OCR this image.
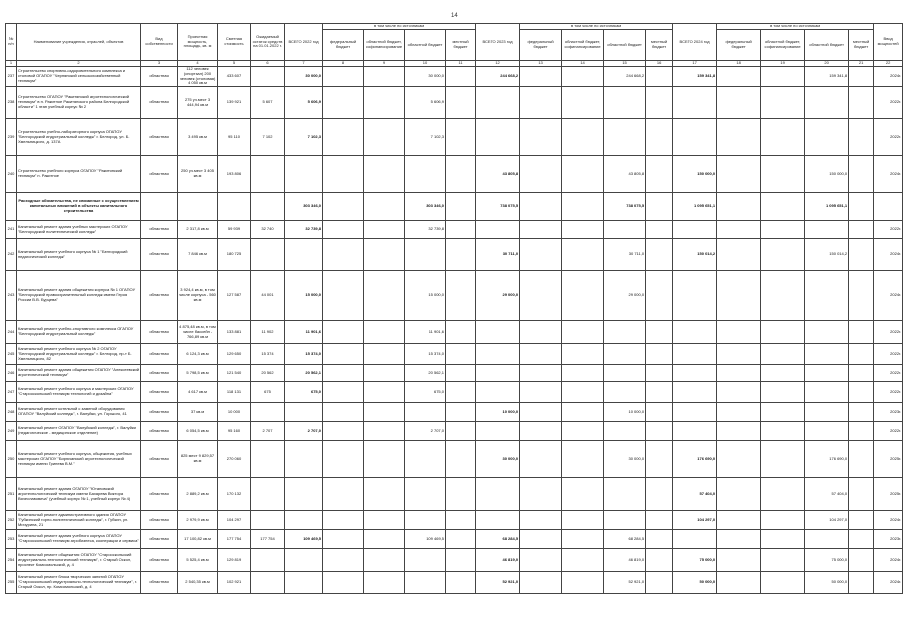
14
№ п/п	Наименование учреждения, отраслей, объектов	Вид собственности	Проектная мощность, площадь, кв. м	Сметная стоимость	Ожидаемый остаток средств на 01.01.2022 г.	ВСЕГО 2022 год	в том числе по источникам				ВСЕГО 2023 год	в том числе по источникам				ВСЕГО 2024 год	в том числе по источникам				Ввод мощностей
							федеральный бюджет	областной бюджет, софинансирование	областной бюджет	местный бюджет		федеральный бюджет	областной бюджет, софинансирование	областной бюджет	местный бюджет		федеральный бюджет	областной бюджет, софинансирование	областной бюджет	местный бюджет	
1	2	3	4	5	6	7	8	9	10	11	12	13	14	15	16	17	18	19	20	21	22
237	Строительство спортивно-оздоровительного комплекса и столовой ОГАПОУ "Чернянский сельскохозяйственный техникум"	областная	112 человек (спортзал) 200 человек (столовая) 4 050 кв.м	433 607		30 000,0			30 000,0		244 668,2			244 668,2		159 341,8			159 341,8		2024г.
238	Строительство ОГАПОУ "Ракитянский агротехнологический техникум" в п. Ракитное Ракитянского района Белгородской области" 1 этап учебный корпус № 2	областная	275 уч.мест 3 444,94 кв.м	139 921	5 607	5 606,9			5 606,9												2022г.
239	Строительство учебно-лабораторного корпуса ОГАПОУ "Белгородский индустриальный колледж" г. Белгород, ул. Б. Хмельницкого, д. 137А	областная	3 495 кв.м	95 110	7 102	7 102,3			7 102,3												2022г.
240	Строительство учебного корпуса ОГАПОУ "Ракитянский техникум" п. Ракитное	областная	250 уч.мест 3 405 кв.м	193 806							43 805,8			43 805,8		150 000,0			150 000,0		2024г.
	Расходные обязательства, не связанные с осуществлением капитальных вложений в объекты капитального строительства					303 346,0			303 346,0		738 075,5			738 075,5		1 095 651,1			1 095 651,1		
241	Капитальный ремонт здания учебных мастерских ОГАПОУ "Белгородский политехнический колледж"	областная	2 317,8 кв.м	59 939	32 740	32 739,8			32 739,8												2022г.
242	Капитальный ремонт учебного корпуса № 1 "Белгородский педагогический колледж"	областная	7 846 кв.м	180 725							30 711,0			30 711,0		150 014,2			150 014,2		2024г.
243	Капитальный ремонт здания общежития корпуса № 1 ОГАПОУ "Белгородский правоохранительный колледж имени Героя России В.В. Бурцева"	областная	3 924,4 кв.м, в том числе корпуса - 560 кв.м	127 587	44 001	15 000,0			15 000,0		29 000,0			29 000,0							2024г.
244	Капитальный ремонт учебно-спортивного комплекса ОГАПОУ "Белгородский индустриальный колледж"	областная	4 875,48 кв.м, в том числе бассейн - 766,89 кв.м	133 881	11 902	11 901,6			11 901,6												2022г.
245	Капитальный ремонт учебного корпуса № 2 ОГАПОУ "Белгородский индустриальный колледж" г. Белгород, пр-т Б. Хмельницкого, 82	областная	6 124,3 кв.м	129 650	15 374	15 374,0			15 374,0												2022г.
246	Капитальный ремонт здания общежития ОГАПОУ "Алексеевский агротехнический техникум"	областная	5 798,5 кв.м	121 540	20 562	20 562,1			20 562,1												2022г.
247	Капитальный ремонт учебного корпуса и мастерских ОГАПОУ "Старооскольский техникум технологий и дизайна"	областная	4 617 кв.м	118 131	675	675,0			675,0												2022г.
248	Капитальный ремонт котельной с заменой оборудования ОГАПОУ "Валуйский колледж", г. Валуйки, ул. Горького, 41	областная	37 кв.м	10 000							10 000,0			10 000,0							2023г.
249	Капитальный ремонт ОГАПОУ "Валуйский колледж", г. Валуйки (педагогическое - медицинское отделение)	областная	6 054,5 кв.м	95 160	2 707	2 707,0			2 707,0												2022г.
250	Капитальный ремонт учебного корпуса, общежития, учебных мастерских ОГАПОУ "Бирючанский агротехнологический техникум имени Гринева В.М."	областная	825 мест 9 829,57 кв.м	270 060							30 000,0			30 000,0		176 690,0			176 690,0		2025г.
251	Капитальный ремонт здания ОГАПОУ "Ютановский агротехнологический техникум имени Бахарева Виктора Вячеславовича" (учебный корпус № 1, учебный корпус № 4)	областная	2 889,2 кв.м	170 132												57 404,0			57 404,0		2025г.
252	Капитальный ремонт административного здания ОГАПОУ "Губкинский горно-политехнический колледж", г. Губкин, ул. Мичурина, 21	областная	2 979,9 кв.м	104 297												104 297,0			104 297,0		2024г.
253	Капитальный ремонт здания учебного корпуса ОГАПОУ "Старооскольский техникум агробизнеса, кооперации и сервиса"	областная	17 100,82 кв.м	177 754	177 754	109 469,5			109 469,5		68 284,5			68 284,5							2023г.
254	Капитальный ремонт общежития ОГАПОУ "Старооскольский индустриально-технологический техникум", г. Старый Оскол, проспект Комсомольский, д. 4	областная	5 525,4 кв.м	129 819							46 819,0			46 819,0		75 000,0			75 000,0		2024г.
255	Капитальный ремонт блока творческих занятий ОГАПОУ "Старооскольский индустриально-технологический техникум", г. Старый Оскол, пр. Комсомольский, д. 4	областная	2 540,35 кв.м	102 921							52 921,0			52 921,0		50 000,0			50 000,0		2024г.
